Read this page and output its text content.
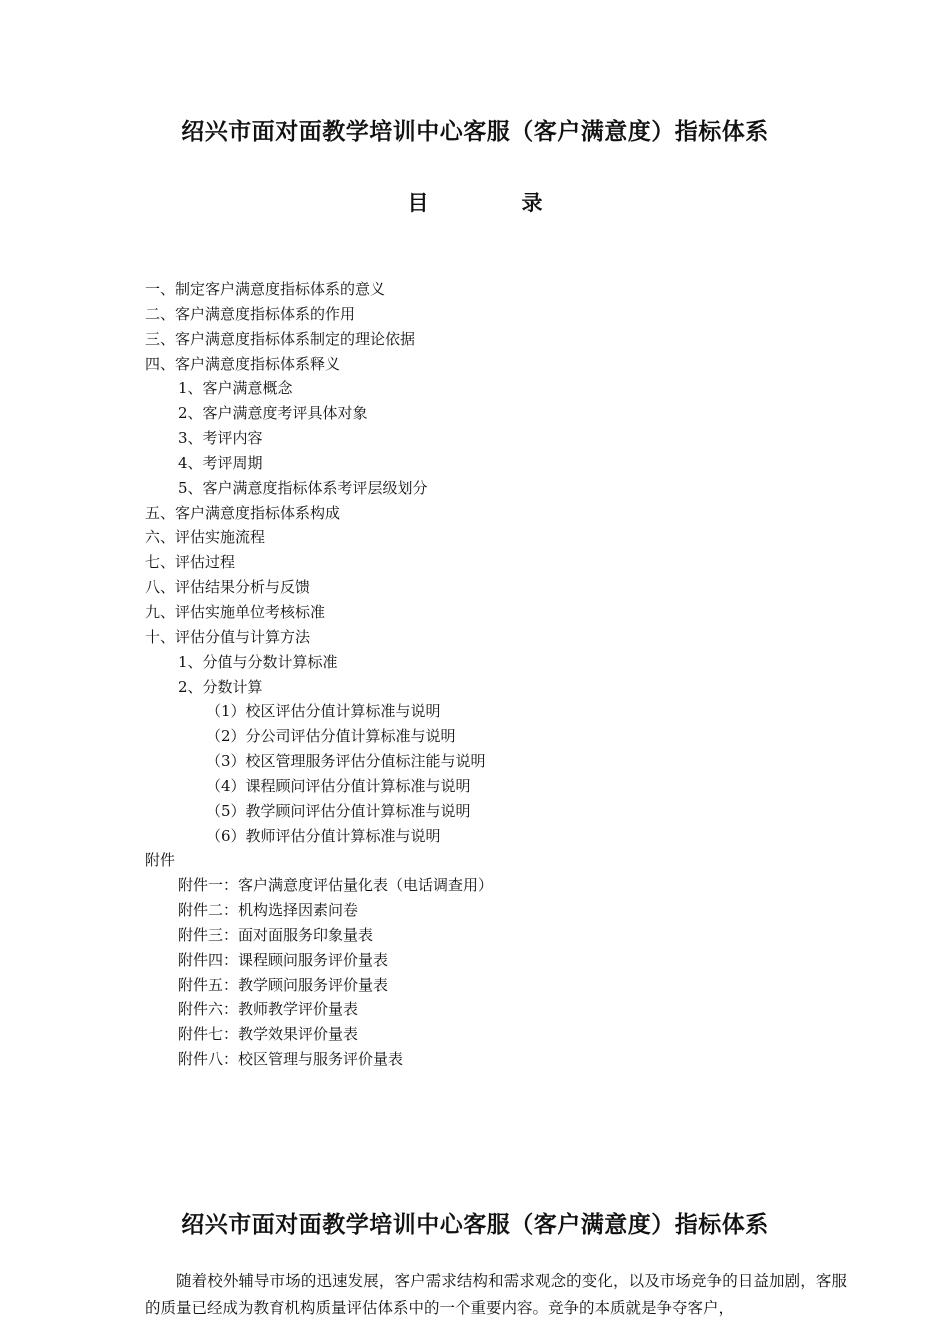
绍兴市面对面教学培训中心客服（客户满意度）指标体系
目　录
一、制定客户满意度指标体系的意义
二、客户满意度指标体系的作用
三、客户满意度指标体系制定的理论依据
四、客户满意度指标体系释义
1、客户满意概念
2、客户满意度考评具体对象
3、考评内容
4、考评周期
5、客户满意度指标体系考评层级划分
五、客户满意度指标体系构成
六、评估实施流程
七、评估过程
八、评估结果分析与反馈
九、评估实施单位考核标准
十、评估分值与计算方法
1、分值与分数计算标准
2、分数计算
（1）校区评估分值计算标准与说明
（2）分公司评估分值计算标准与说明
（3）校区管理服务评估分值标注能与说明
（4）课程顾问评估分值计算标准与说明
（5）教学顾问评估分值计算标准与说明
（6）教师评估分值计算标准与说明
附件
附件一：客户满意度评估量化表（电话调查用）
附件二：机构选择因素问卷
附件三：面对面服务印象量表
附件四：课程顾问服务评价量表
附件五：教学顾问服务评价量表
附件六：教师教学评价量表
附件七：教学效果评价量表
附件八：校区管理与服务评价量表
绍兴市面对面教学培训中心客服（客户满意度）指标体系

随着校外辅导市场的迅速发展，客户需求结构和需求观念的变化，以及市场竞争的日益加剧，客服的质量已经成为教育机构质量评估体系中的一个重要内容。竞争的本质就是争夺客户，
